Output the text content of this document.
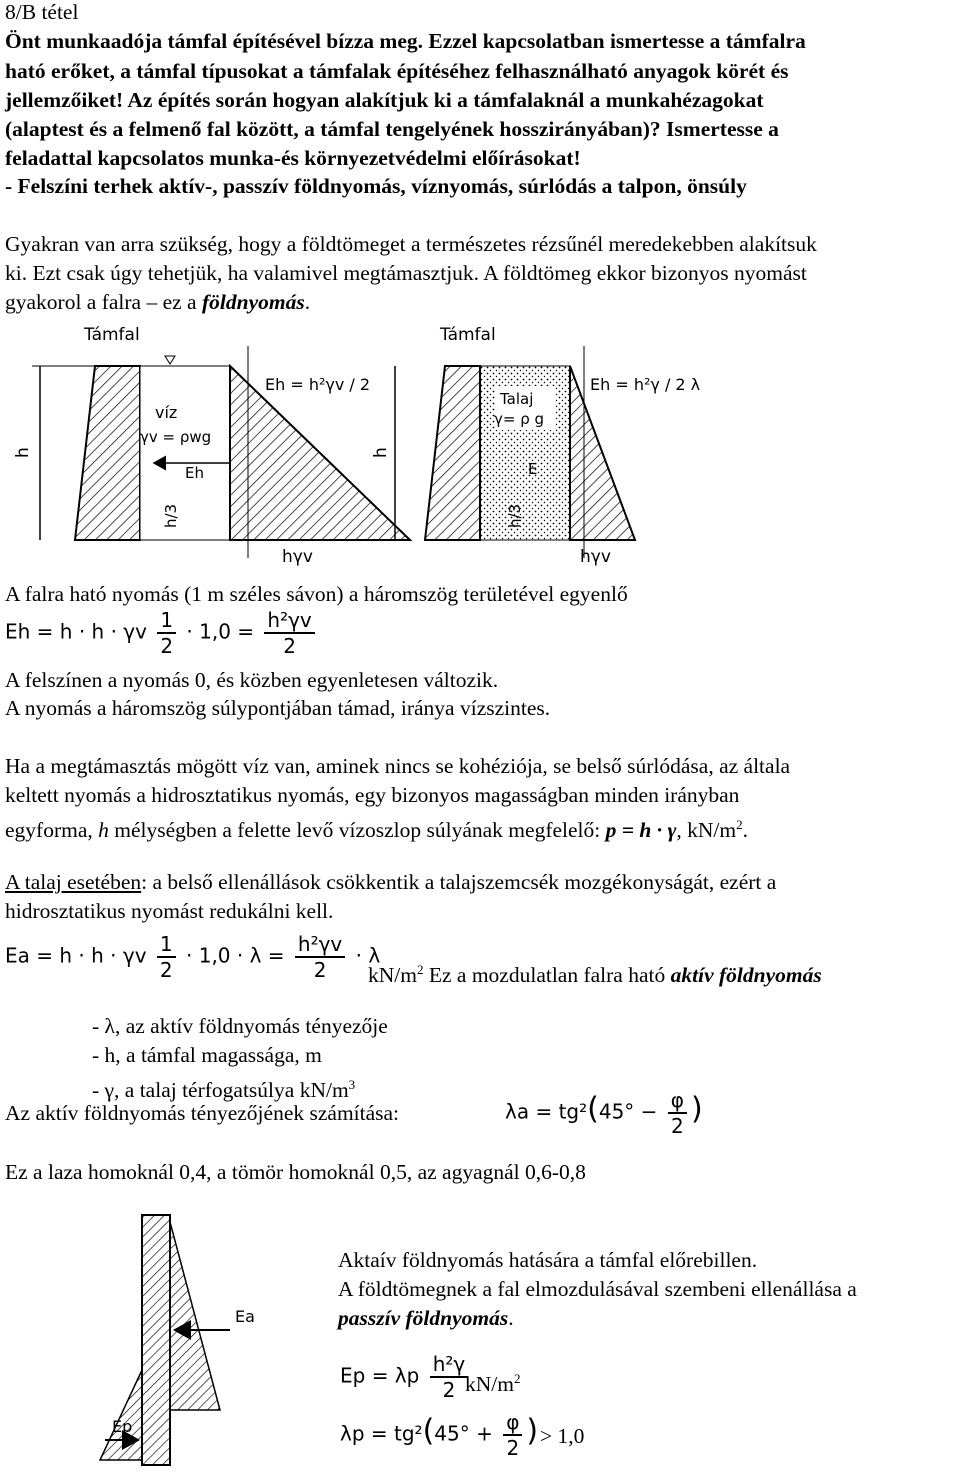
8/B tétel
Önt munkaadója támfal építésével bízza meg. Ezzel kapcsolatban ismertesse a támfalra
ható erőket, a támfal típusokat a támfalak építéséhez felhasználható anyagok körét és
jellemzőiket! Az építés során hogyan alakítjuk ki a támfalaknál a munkahézagokat
(alaptest és a felmenő fal között, a támfal tengelyének hosszirányában)? Ismertesse a
feladattal kapcsolatos munka-és környezetvédelmi előírásokat!
- Felszíni terhek aktív-, passzív földnyomás, víznyomás, súrlódás a talpon, önsúly
Gyakran van arra szükség, hogy a földtömeget a természetes rézsűnél meredekebben alakítsuk
ki. Ezt csak úgy tehetjük, ha valamivel megtámasztjuk. A földtömeg ekkor bizonyos nyomást
gyakorol a falra – ez a földnyomás.
Támfal
h
víz
γv = ρwg
Eh
h/3
Eh = h²γv / 2
hγv
Támfal
h
Talaj
γ= ρ g
E
h/3
Eh = h²γ / 2 λ
hγv
A falra ható nyomás (1 m széles sávon) a háromszög területével egyenlő
Eh = h · h · γv $\frac{1}{2} \cdot 1,0 = \frac{\text{h²γv}}{2}$
A felszínen a nyomás 0, és közben egyenletesen változik.
A nyomás a háromszög súlypontjában támad, iránya vízszintes.
Ha a megtámasztás mögött víz van, aminek nincs se kohéziója, se belső súrlódása, az általa
keltett nyomás a hidrosztatikus nyomás, egy bizonyos magasságban minden irányban
egyforma, h mélységben a felette levő vízoszlop súlyának megfelelő: p = h · γ, $kN/m^2$.
A talaj esetében: a belső ellenállások csökkentik a talajszemcsék mozgékonyságát, ezért a
hidrosztatikus nyomást redukálni kell.
Ea = h · h · γv $\frac{1}{2} \cdot 1,0 \cdot \lambda = \frac{\text{h²γv}}{2} \cdot \lambda$
$kN/m^2$ Ez a mozdulatlan falra ható aktív földnyomás
- λ, az aktív földnyomás tényezője
- h, a támfal magassága, m
- γ, a talaj térfogatsúlya $kN/m^3$
Az aktív földnyomás tényezőjének számítása:	$\lambda a = tg^2(45^\circ - \frac{\varphi}{2}$ )
Ez a laza homoknál 0,4, a tömör homoknál 0,5, az agyagnál 0,6-0,8
Ea
Ep
Aktaív földnyomás hatására a támfal előrebillen.
A földtömegnek a fal elmozdulásával szembeni ellenállása a
passzív földnyomás.
Ep = λp $\frac{\text{h²γ}}{2}$
$kN/m^2$
$\lambda p = tg^2(45^\circ + \frac{\varphi}{2}$ ) > 1,0
